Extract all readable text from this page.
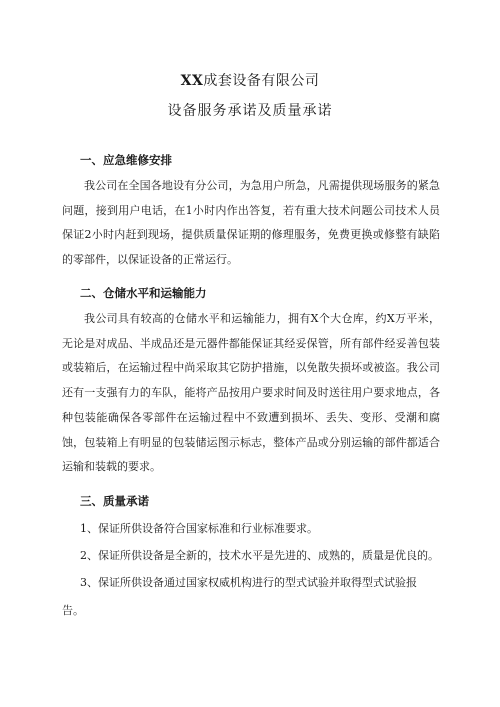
XX成套设备有限公司
设备服务承诺及质量承诺
一、应急维修安排

我公司在全国各地设有分公司，为急用户所急，凡需提供现场服务的紧急问题，接到用户电话，在1小时内作出答复，若有重大技术问题公司技术人员保证2小时内赶到现场，提供质量保证期的修理服务，免费更换或修整有缺陷的零部件，以保证设备的正常运行。

二、仓储水平和运输能力

我公司具有较高的仓储水平和运输能力，拥有X个大仓库，约X万平米，无论是对成品、半成品还是元器件都能保证其经妥保管，所有部件经妥善包装或装箱后，在运输过程中尚采取其它防护措施，以免散失损坏或被盗。我公司还有一支强有力的车队，能将产品按用户要求时间及时送往用户要求地点，各种包装能确保各零部件在运输过程中不致遭到损坏、丢失、变形、受潮和腐蚀，包装箱上有明显的包装储运图示标志，整体产品或分别运输的部件都适合运输和装载的要求。

三、质量承诺
1、保证所供设备符合国家标准和行业标准要求。
2、保证所供设备是全新的，技术水平是先进的、成熟的，质量是优良的。
3、保证所供设备通过国家权威机构进行的型式试验并取得型式试验报
告。
